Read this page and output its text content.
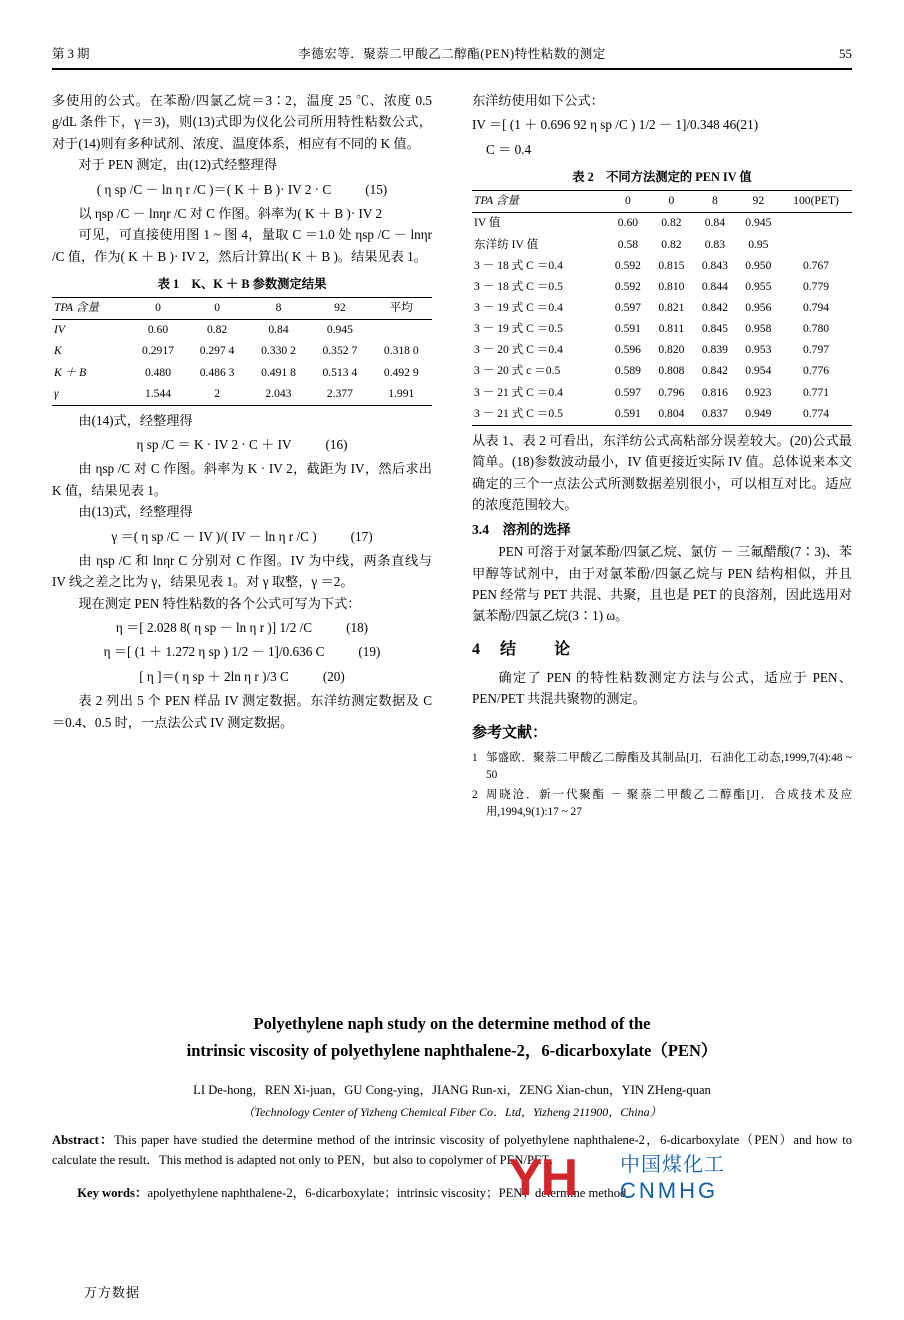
第 3 期	李德宏等．聚萘二甲酸乙二醇酯(PEN)特性粘数的测定	55

多使用的公式。在苯酚/四氯乙烷＝3∶2，温度 25 ℃、浓度 0.5 g/dL 条件下，γ＝3)，则(13)式即为仪化公司所用特性粘数公式，对于(14)则有多种试剂、浓度、温度体系，相应有不同的 K 值。

对于 PEN 测定，由(12)式经整理得

( η sp /C － ln η r /C )＝( K ＋ B )· IV 2 · C	(15)

以 ηsp /C － lnηr /C 对 C 作图。斜率为( K ＋ B )· IV 2

可见，可直接使用图 1 ~ 图 4，量取 C ＝1.0 处 ηsp /C － lnηr /C 值，作为( K ＋ B )· IV 2，然后计算出( K ＋ B )。结果见表 1。

表 1　K、K ＋ B 参数测定结果
TPA 含量	0	0	8	92	平均
IV	0.60	0.82	0.84	0.945	
K	0.2917	0.297 4	0.330 2	0.352 7	0.318 0
K ＋ B	0.480	0.486 3	0.491 8	0.513 4	0.492 9
γ	1.544	2	2.043	2.377	1.991

由(14)式，经整理得

η sp /C ＝ K · IV 2 · C ＋ IV	(16)

由 ηsp /C 对 C 作图。斜率为 K · IV 2，截距为 IV，然后求出 K 值，结果见表 1。

由(13)式，经整理得

γ ＝( η sp /C － IV )/( IV － ln η r /C )	(17)

由 ηsp /C 和 lnηr C 分别对 C 作图。IV 为中线，两条直线与 IV 线之差之比为 γ，结果见表 1。对 γ 取整，γ ＝2。

现在测定 PEN 特性粘数的各个公式可写为下式：

η ＝[ 2.028 8( η sp － ln η r )] 1/2 /C	(18)
η ＝[ (1 ＋ 1.272 η sp ) 1/2 － 1]/0.636 C	(19)
[ η ]＝( η sp ＋ 2ln η r )/3 C	(20)

表 2 列出 5 个 PEN 样品 IV 测定数据。东洋纺测定数据及 C ＝0.4、0.5 时，一点法公式 IV 测定数据。

东洋纺使用如下公式：

IV ＝[ (1 ＋ 0.696 92 η sp /C ) 1/2 － 1]/0.348 46(21)
C ＝ 0.4
表 2　不同方法测定的 PEN IV 值
TPA 含量	0	0	8	92	100(PET)
IV 值	0.60	0.82	0.84	0.945	
东洋纺 IV 值	0.58	0.82	0.83	0.95	
3 － 18 式 C ＝0.4	0.592	0.815	0.843	0.950	0.767
3 － 18 式 C ＝0.5	0.592	0.810	0.844	0.955	0.779
3 － 19 式 C ＝0.4	0.597	0.821	0.842	0.956	0.794
3 － 19 式 C ＝0.5	0.591	0.811	0.845	0.958	0.780
3 － 20 式 C ＝0.4	0.596	0.820	0.839	0.953	0.797
3 － 20 式 c ＝0.5	0.589	0.808	0.842	0.954	0.776
3 － 21 式 C ＝0.4	0.597	0.796	0.816	0.923	0.771
3 － 21 式 C ＝0.5	0.591	0.804	0.837	0.949	0.774

从表 1、表 2 可看出，东洋纺公式高粘部分误差较大。(20)公式最简单。(18)参数波动最小，IV 值更接近实际 IV 值。总体说来本文确定的三个一点法公式所测数据差别很小，可以相互对比。适应的浓度范围较大。

3.4　溶剂的选择

PEN 可溶于对氯苯酚/四氯乙烷、氯仿 － 三氟醋酸(7∶3)、苯甲醇等试剂中，由于对氯苯酚/四氯乙烷与 PEN 结构相似，并且 PEN 经常与 PET 共混、共聚，且也是 PET 的良溶剂，因此选用对氯苯酚/四氯乙烷(3∶1) ω。

4　结　　论

确定了 PEN 的特性粘数测定方法与公式，适应于 PEN、PEN/PET 共混共聚物的测定。

参考文献：
1 邹盛欧．聚萘二甲酸乙二醇酯及其制品[J]．石油化工动态,1999,7(4):48 ~ 50
2 周晓沧．新一代聚酯 － 聚萘二甲酸乙二醇酯[J]．合成技术及应用,1994,9(1):17 ~ 27
Polyethylene naph study on the determine method of the
intrinsic viscosity of polyethylene naphthalene-2，6-dicarboxylate（PEN）
LI De-hong，REN Xi-juan，GU Cong-ying，JIANG Run-xi，ZENG Xian-chun，YIN ZHeng-quan
（Technology Center of Yizheng Chemical Fiber Co．Ltd，Yizheng 211900，China）
Abstract：This paper have studied the determine method of the intrinsic viscosity of polyethylene naphthalene-2，6-dicarboxylate（PEN）and how to calculate the result．This method is adapted not only to PEN，but also to copolymer of PEN/PET．
Key words：apolyethylene naphthalene-2，6-dicarboxylate；intrinsic viscosity；PEN；determine method
YH 中国煤化工
CNMHG
万方数据
